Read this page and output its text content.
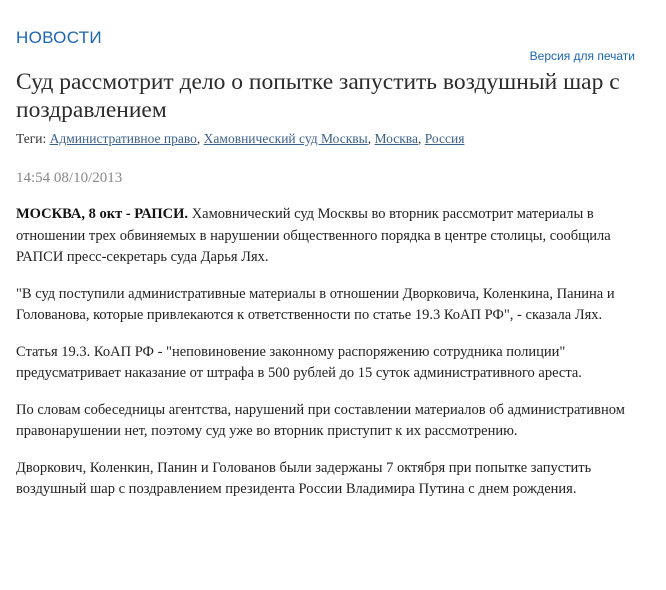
НОВОСТИ
Версия для печати
Суд рассмотрит дело о попытке запустить воздушный шар с поздравлением
Теги: Административное право, Хамовнический суд Москвы, Москва, Россия
14:54 08/10/2013

МОСКВА, 8 окт - РАПСИ. Хамовнический суд Москвы во вторник рассмотрит материалы в отношении трех обвиняемых в нарушении общественного порядка в центре столицы, сообщила РАПСИ пресс-секретарь суда Дарья Лях.

"В суд поступили административные материалы в отношении Дворковича, Коленкина, Панина и Голованова, которые привлекаются к ответственности по статье 19.3 КоАП РФ", - сказала Лях.

Статья 19.3. КоАП РФ - "неповиновение законному распоряжению сотрудника полиции" предусматривает наказание от штрафа в 500 рублей до 15 суток административного ареста.

По словам собеседницы агентства, нарушений при составлении материалов об административном правонарушении нет, поэтому суд уже во вторник приступит к их рассмотрению.

Дворкович, Коленкин, Панин и Голованов были задержаны 7 октября при попытке запустить воздушный шар с поздравлением президента России Владимира Путина с днем рождения.
